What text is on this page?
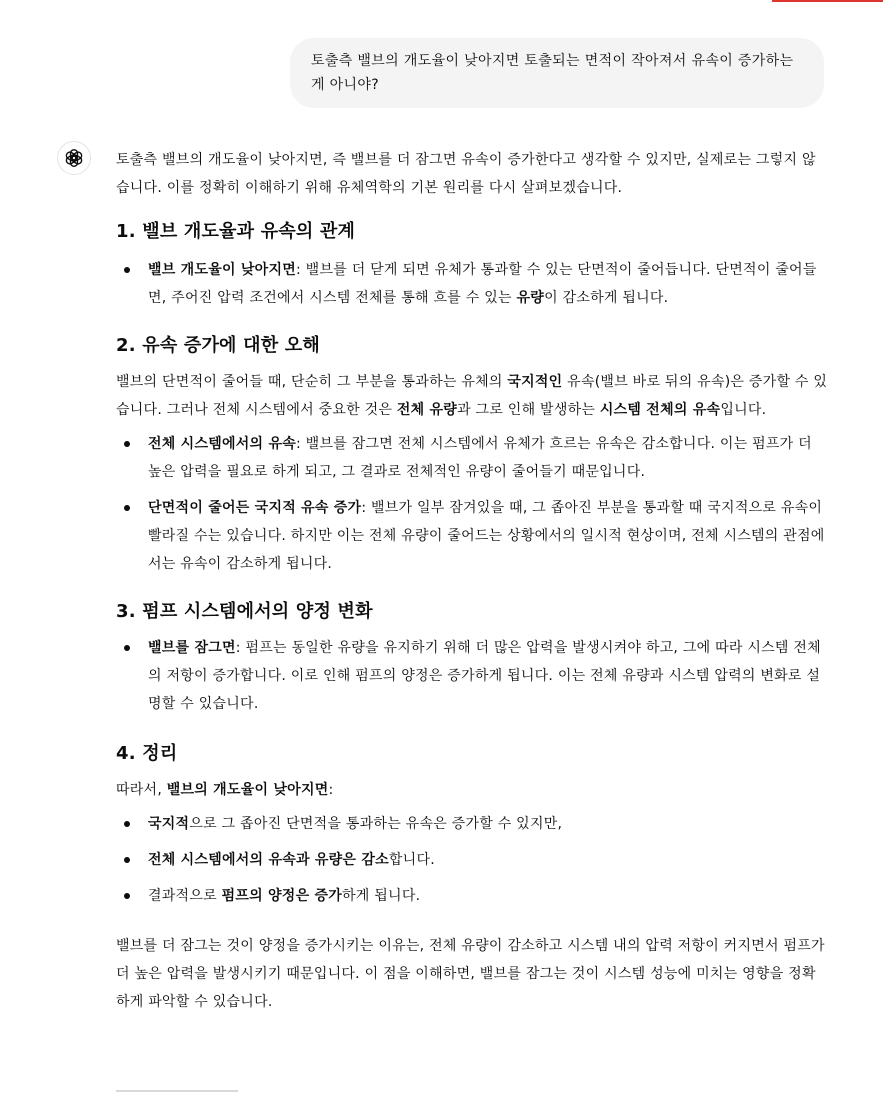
토출측 밸브의 개도율이 낮아지면 토출되는 면적이 작아져서 유속이 증가하는게 아니야?

토출측 밸브의 개도율이 낮아지면, 즉 밸브를 더 잠그면 유속이 증가한다고 생각할 수 있지만, 실제로는 그렇지 않습니다. 이를 정확히 이해하기 위해 유체역학의 기본 원리를 다시 살펴보겠습니다.

1. 밸브 개도율과 유속의 관계
밸브 개도율이 낮아지면: 밸브를 더 닫게 되면 유체가 통과할 수 있는 단면적이 줄어듭니다. 단면적이 줄어들면, 주어진 압력 조건에서 시스템 전체를 통해 흐를 수 있는 유량이 감소하게 됩니다.
2. 유속 증가에 대한 오해

밸브의 단면적이 줄어들 때, 단순히 그 부분을 통과하는 유체의 국지적인 유속(밸브 바로 뒤의 유속)은 증가할 수 있습니다. 그러나 전체 시스템에서 중요한 것은 전체 유량과 그로 인해 발생하는 시스템 전체의 유속입니다.

전체 시스템에서의 유속: 밸브를 잠그면 전체 시스템에서 유체가 흐르는 유속은 감소합니다. 이는 펌프가 더 높은 압력을 필요로 하게 되고, 그 결과로 전체적인 유량이 줄어들기 때문입니다.
단면적이 줄어든 국지적 유속 증가: 밸브가 일부 잠겨있을 때, 그 좁아진 부분을 통과할 때 국지적으로 유속이 빨라질 수는 있습니다. 하지만 이는 전체 유량이 줄어드는 상황에서의 일시적 현상이며, 전체 시스템의 관점에서는 유속이 감소하게 됩니다.
3. 펌프 시스템에서의 양정 변화
밸브를 잠그면: 펌프는 동일한 유량을 유지하기 위해 더 많은 압력을 발생시켜야 하고, 그에 따라 시스템 전체의 저항이 증가합니다. 이로 인해 펌프의 양정은 증가하게 됩니다. 이는 전체 유량과 시스템 압력의 변화로 설명할 수 있습니다.
4. 정리

따라서, 밸브의 개도율이 낮아지면:

국지적으로 그 좁아진 단면적을 통과하는 유속은 증가할 수 있지만,
전체 시스템에서의 유속과 유량은 감소합니다.
결과적으로 펌프의 양정은 증가하게 됩니다.

밸브를 더 잠그는 것이 양정을 증가시키는 이유는, 전체 유량이 감소하고 시스템 내의 압력 저항이 커지면서 펌프가 더 높은 압력을 발생시키기 때문입니다. 이 점을 이해하면, 밸브를 잠그는 것이 시스템 성능에 미치는 영향을 정확하게 파악할 수 있습니다.
